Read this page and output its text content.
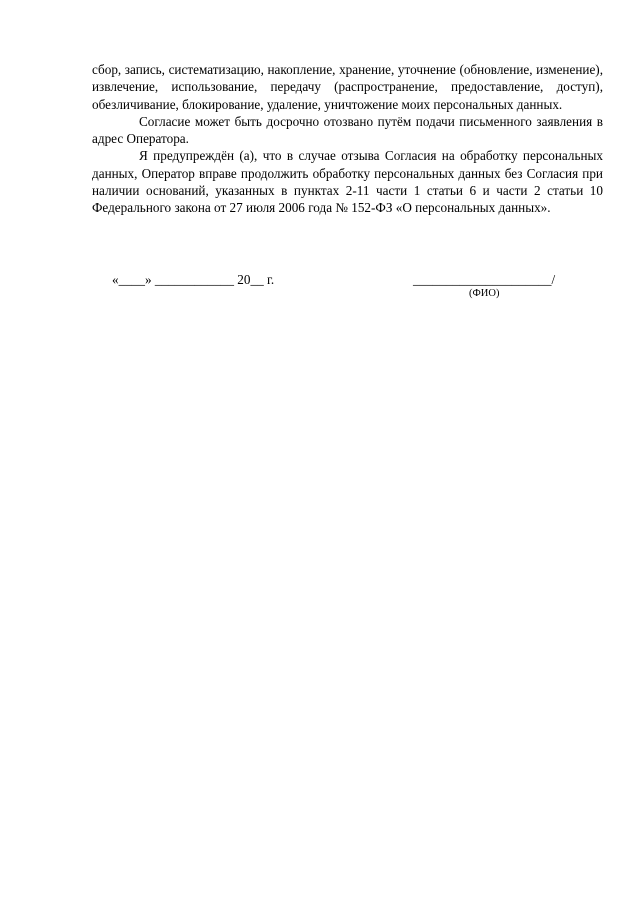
сбор, запись, систематизацию, накопление, хранение, уточнение (обновление, изменение), извлечение, использование, передачу (распространение, предоставление, доступ), обезличивание, блокирование, удаление, уничтожение моих персональных данных.

Согласие может быть досрочно отозвано путём подачи письменного заявления в адрес Оператора.

Я предупреждён (а), что в случае отзыва Согласия на обработку персональных данных, Оператор вправе продолжить обработку персональных данных без Согласия при наличии оснований, указанных в пунктах 2-11 части 1 статьи 6 и части 2 статьи 10 Федерального закона от 27 июля 2006 года № 152-ФЗ «О персональных данных».

«____» ____________ 20__ г.	_____________________/
(ФИО)
